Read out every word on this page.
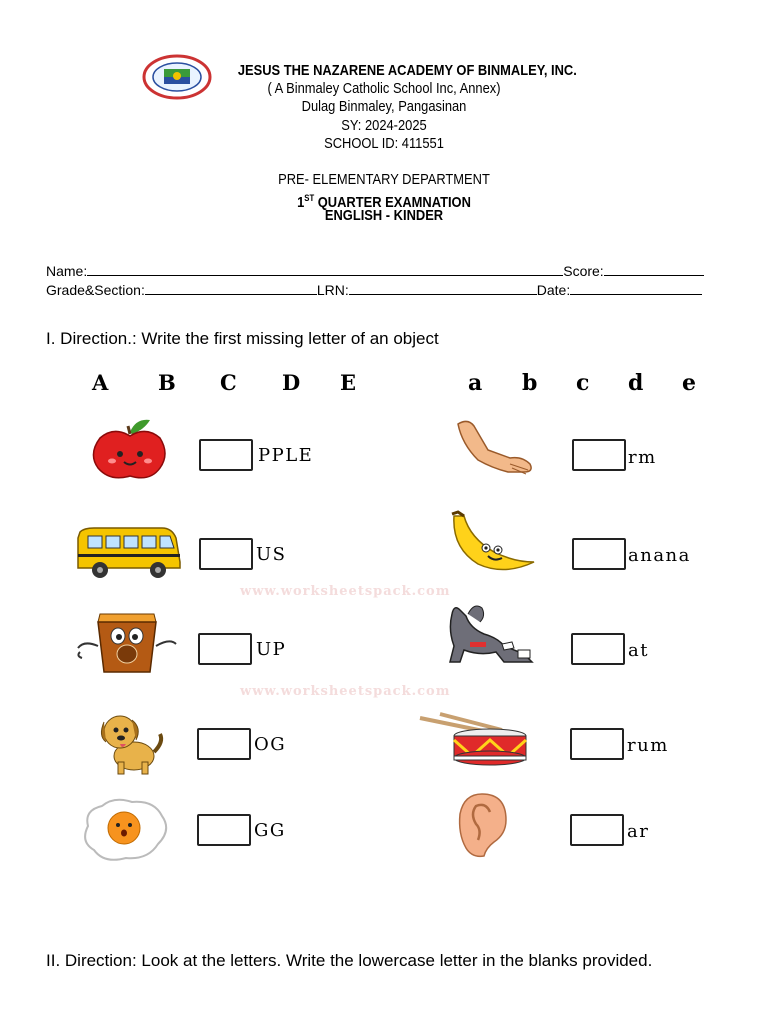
JESUS THE NAZARENE ACADEMY OF BINMALEY, INC.
( A Binmaley Catholic School Inc, Annex)
Dulag Binmaley, Pangasinan
SY: 2024-2025
SCHOOL ID: 411551
PRE- ELEMENTARY DEPARTMENT
1ST QUARTER EXAMNATION
ENGLISH - KINDER
Name:	Score:
Grade&Section:	LRN:	Date:
I. Direction.: Write the first missing letter of an object
A B C D E	a b c d e
www.worksheetspack.com
www.worksheetspack.com
PPLE
US
UP
OG
GG
rm
anana
at
rum
ar
II. Direction: Look at the letters. Write the lowercase letter in the blanks provided.
